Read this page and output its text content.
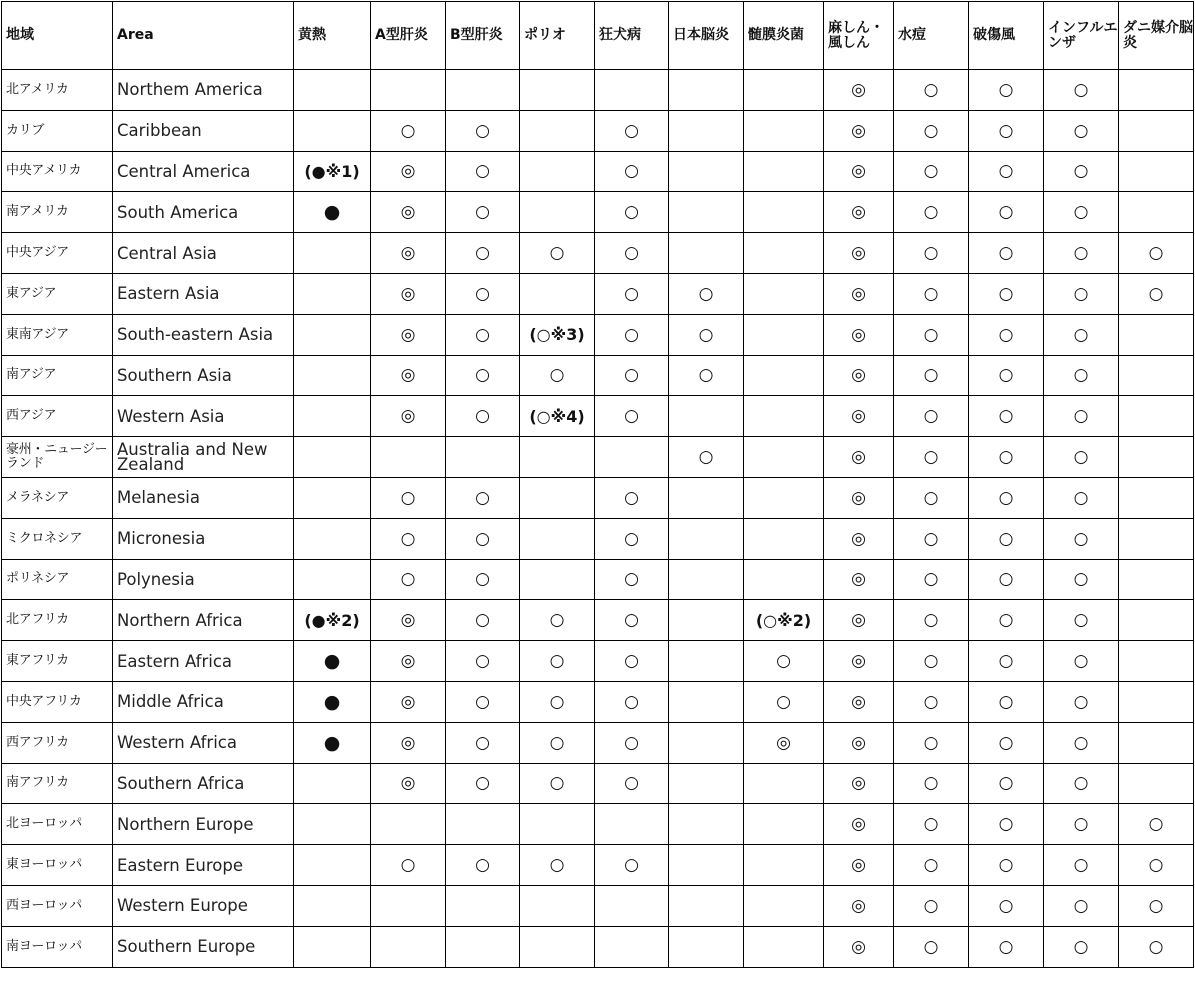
地域	Area	黄熱	A型肝炎	B型肝炎	ポリオ	狂犬病	日本脳炎	髄膜炎菌	麻しん・風しん	水痘	破傷風	インフルエンザ	ダニ媒介脳炎
北アメリカ	Northem America								◎	○	○	○	
カリブ	Caribbean		○	○		○			◎	○	○	○	
中央アメリカ	Central America	(●※1)	◎	○		○			◎	○	○	○	
南アメリカ	South America	●	◎	○		○			◎	○	○	○	
中央アジア	Central Asia		◎	○	○	○			◎	○	○	○	○
東アジア	Eastern Asia		◎	○		○	○		◎	○	○	○	○
東南アジア	South-eastern Asia		◎	○	(○※3)	○	○		◎	○	○	○	
南アジア	Southern Asia		◎	○	○	○	○		◎	○	○	○	
西アジア	Western Asia		◎	○	(○※4)	○			◎	○	○	○	
豪州・ニュージーランド	Australia and New Zealand						○		◎	○	○	○	
メラネシア	Melanesia		○	○		○			◎	○	○	○	
ミクロネシア	Micronesia		○	○		○			◎	○	○	○	
ポリネシア	Polynesia		○	○		○			◎	○	○	○	
北アフリカ	Northern Africa	(●※2)	◎	○	○	○		(○※2)	◎	○	○	○	
東アフリカ	Eastern Africa	●	◎	○	○	○		○	◎	○	○	○	
中央アフリカ	Middle Africa	●	◎	○	○	○		○	◎	○	○	○	
西アフリカ	Western Africa	●	◎	○	○	○		◎	◎	○	○	○	
南アフリカ	Southern Africa		◎	○	○	○			◎	○	○	○	
北ヨーロッパ	Northern Europe								◎	○	○	○	○
東ヨーロッパ	Eastern Europe		○	○	○	○			◎	○	○	○	○
西ヨーロッパ	Western Europe								◎	○	○	○	○
南ヨーロッパ	Southern Europe								◎	○	○	○	○
